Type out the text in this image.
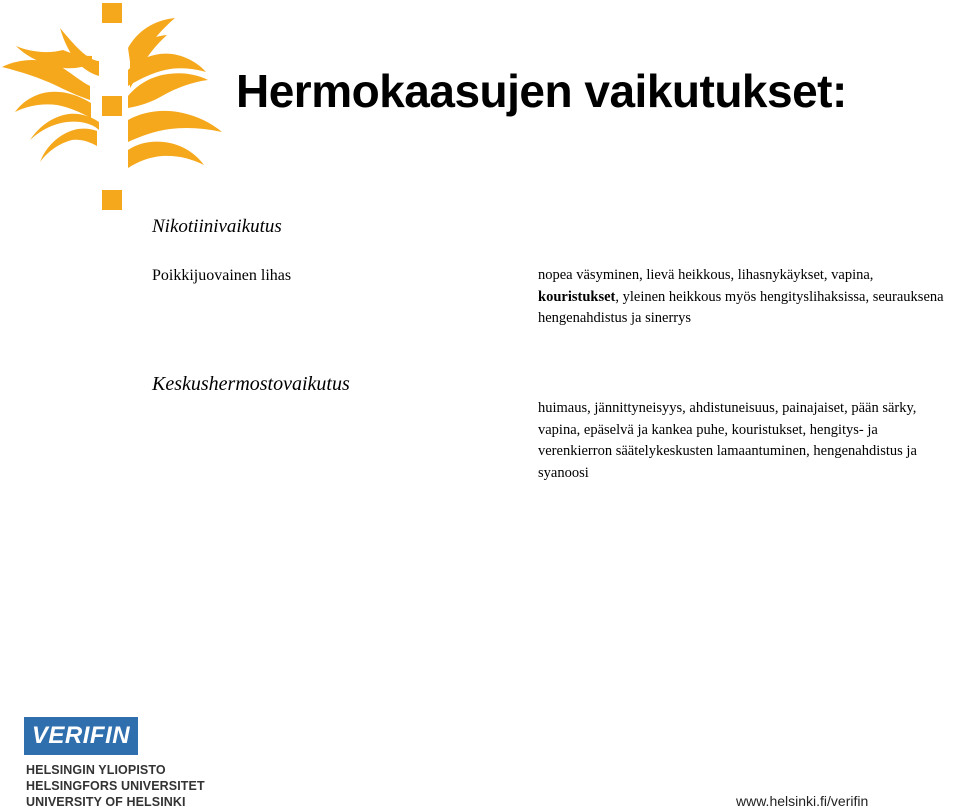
Hermokaasujen vaikutukset:
Nikotiinivaikutus
Poikkijuovainen lihas	nopea väsyminen, lievä heikkous, lihasnykäykset, vapina, kouristukset, yleinen heikkous myös hengityslihaksissa, seurauksena hengenahdistus ja sinerrys
Keskushermostovaikutus
huimaus, jännittyneisyys, ahdistuneisuus, painajaiset, pään särky, vapina, epäselvä ja kankea puhe, kouristukset, hengitys- ja verenkierron säätelykeskusten lamaantuminen, hengenahdistus ja syanoosi
VERIFIN
HELSINGIN YLIOPISTO
HELSINGFORS UNIVERSITET
UNIVERSITY OF HELSINKI	www.helsinki.fi/verifin
